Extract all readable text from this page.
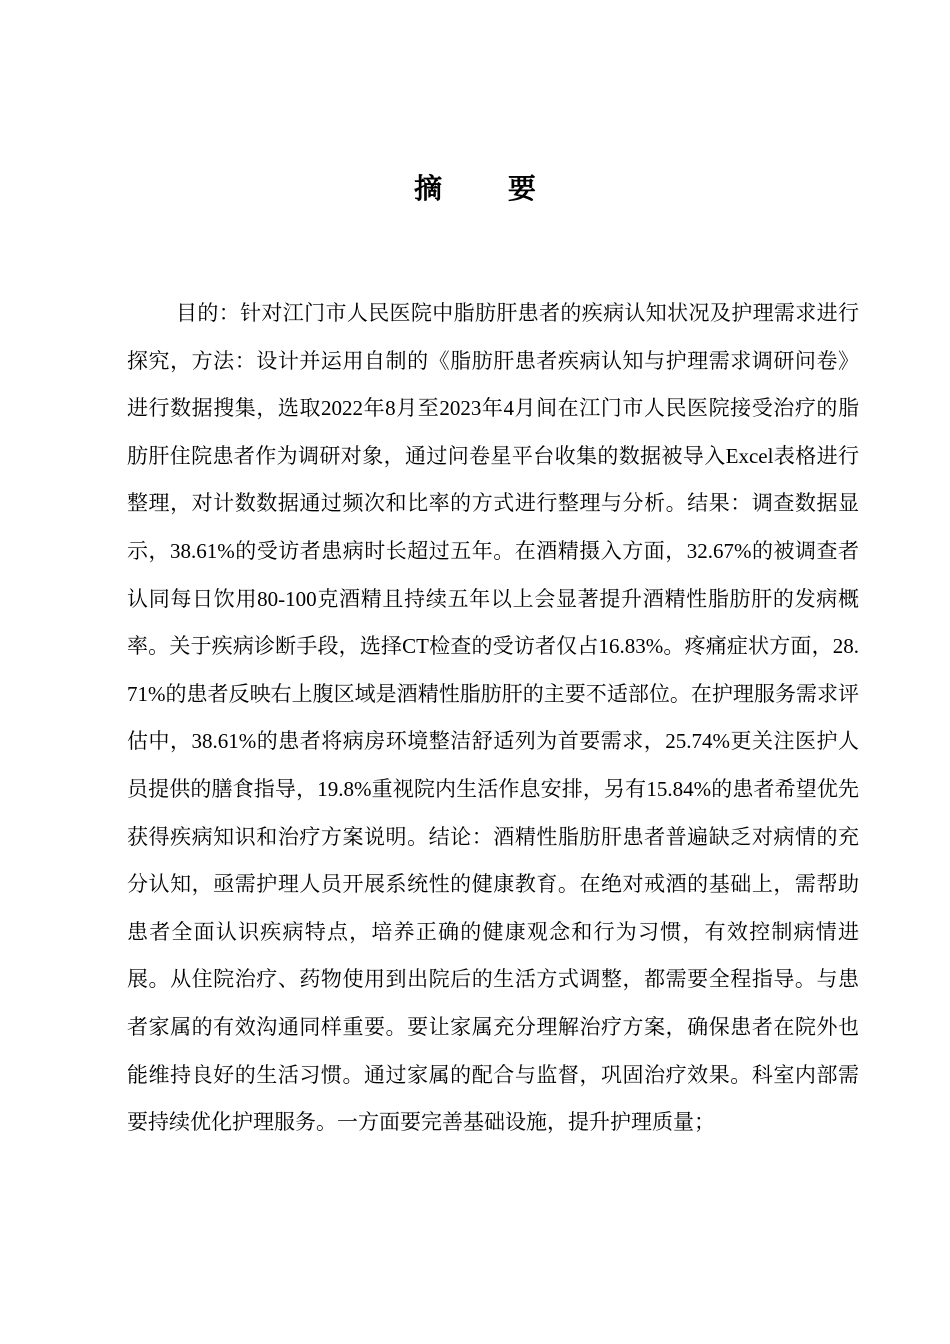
摘 要

目的：针对江门市人民医院中脂肪肝患者的疾病认知状况及护理需求进行探究，方法：设计并运用自制的《脂肪肝患者疾病认知与护理需求调研问卷》进行数据搜集，选取2022年8月至2023年4月间在江门市人民医院接受治疗的脂肪肝住院患者作为调研对象，通过问卷星平台收集的数据被导入Excel表格进行整理，对计数数据通过频次和比率的方式进行整理与分析。结果：调查数据显示，38.61%的受访者患病时长超过五年。在酒精摄入方面，32.67%的被调查者认同每日饮用80-100克酒精且持续五年以上会显著提升酒精性脂肪肝的发病概率。关于疾病诊断手段，选择CT检查的受访者仅占16.83%。疼痛症状方面，28.71%的患者反映右上腹区域是酒精性脂肪肝的主要不适部位。在护理服务需求评估中，38.61%的患者将病房环境整洁舒适列为首要需求，25.74%更关注医护人员提供的膳食指导，19.8%重视院内生活作息安排，另有15.84%的患者希望优先获得疾病知识和治疗方案说明。结论：酒精性脂肪肝患者普遍缺乏对病情的充分认知，亟需护理人员开展系统性的健康教育。在绝对戒酒的基础上，需帮助患者全面认识疾病特点，培养正确的健康观念和行为习惯，有效控制病情进展。从住院治疗、药物使用到出院后的生活方式调整，都需要全程指导。与患者家属的有效沟通同样重要。要让家属充分理解治疗方案，确保患者在院外也能维持良好的生活习惯。通过家属的配合与监督，巩固治疗效果。科室内部需要持续优化护理服务。一方面要完善基础设施，提升护理质量；
